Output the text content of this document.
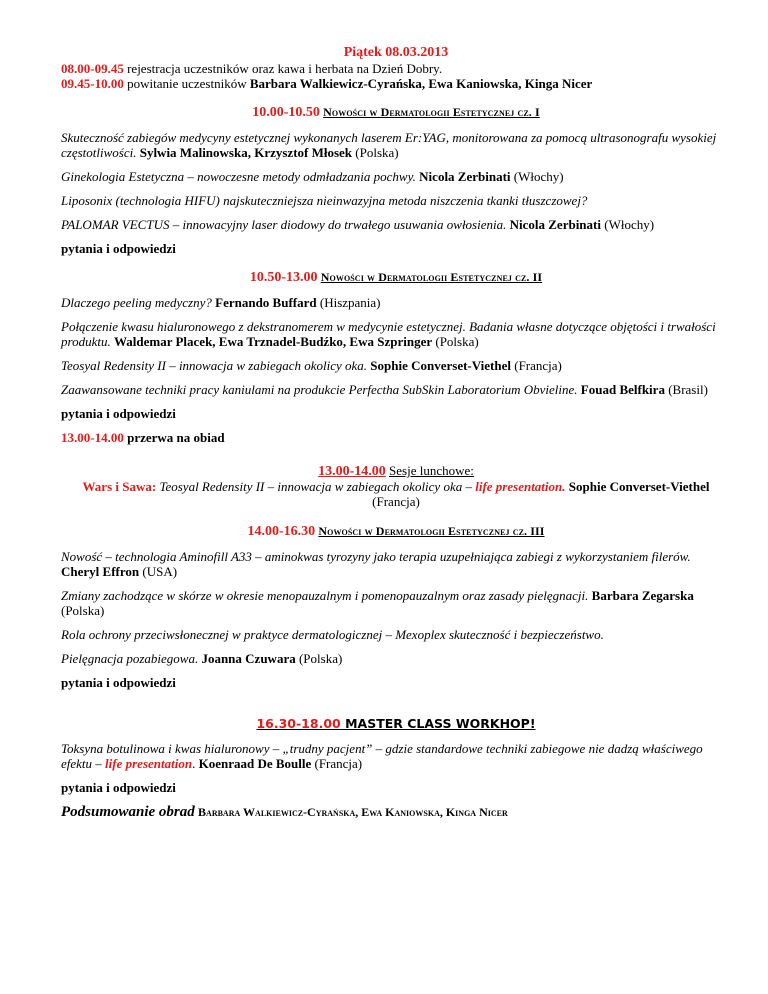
Piątek 08.03.2013

08.00-09.45 rejestracja uczestników oraz kawa i herbata na Dzień Dobry.

09.45-10.00 powitanie uczestników Barbara Walkiewicz-Cyrańska, Ewa Kaniowska, Kinga Nicer

10.00-10.50 Nowości w Dermatologii Estetycznej cz. I

Skuteczność zabiegów medycyny estetycznej wykonanych laserem Er:YAG, monitorowana za pomocą ultrasonografu wysokiej częstotliwości. Sylwia Malinowska, Krzysztof Młosek (Polska)

Ginekologia Estetyczna – nowoczesne metody odmładzania pochwy. Nicola Zerbinati (Włochy)

Liposonix (technologia HIFU) najskuteczniejsza nieinwazyjna metoda niszczenia tkanki tłuszczowej?

PALOMAR VECTUS – innowacyjny laser diodowy do trwałego usuwania owłosienia. Nicola Zerbinati (Włochy)

pytania i odpowiedzi

10.50-13.00 Nowości w Dermatologii Estetycznej cz. II

Dlaczego peeling medyczny? Fernando Buffard (Hiszpania)

Połączenie kwasu hialuronowego z dekstranomerem w medycynie estetycznej. Badania własne dotyczące objętości i trwałości produktu. Waldemar Placek, Ewa Trznadel-Budźko, Ewa Szpringer (Polska)

Teosyal Redensity II – innowacja w zabiegach okolicy oka. Sophie Converset-Viethel (Francja)

Zaawansowane techniki pracy kaniulami na produkcie Perfectha SubSkin Laboratorium Obvieline. Fouad Belfkira (Brasil)

pytania i odpowiedzi

13.00-14.00 przerwa na obiad

13.00-14.00 Sesje lunchowe:

Wars i Sawa: Teosyal Redensity II – innowacja w zabiegach okolicy oka – life presentation. Sophie Converset-Viethel (Francja)

14.00-16.30 Nowości w Dermatologii Estetycznej cz. III

Nowość – technologia Aminofill A33 – aminokwas tyrozyny jako terapia uzupełniająca zabiegi z wykorzystaniem filerów. Cheryl Effron (USA)

Zmiany zachodzące w skórze w okresie menopauzalnym i pomenopauzalnym oraz zasady pielęgnacji. Barbara Zegarska (Polska)

Rola ochrony przeciwsłonecznej w praktyce dermatologicznej – Mexoplex skuteczność i bezpieczeństwo.

Pielęgnacja pozabiegowa. Joanna Czuwara (Polska)

pytania i odpowiedzi

16.30-18.00 MASTER CLASS WORKHOP!

Toksyna botulinowa i kwas hialuronowy – „trudny pacjent” – gdzie standardowe techniki zabiegowe nie dadzą właściwego efektu – life presentation. Koenraad De Boulle (Francja)

pytania i odpowiedzi

Podsumowanie obrad Barbara Walkiewicz-Cyrańska, Ewa Kaniowska, Kinga Nicer
